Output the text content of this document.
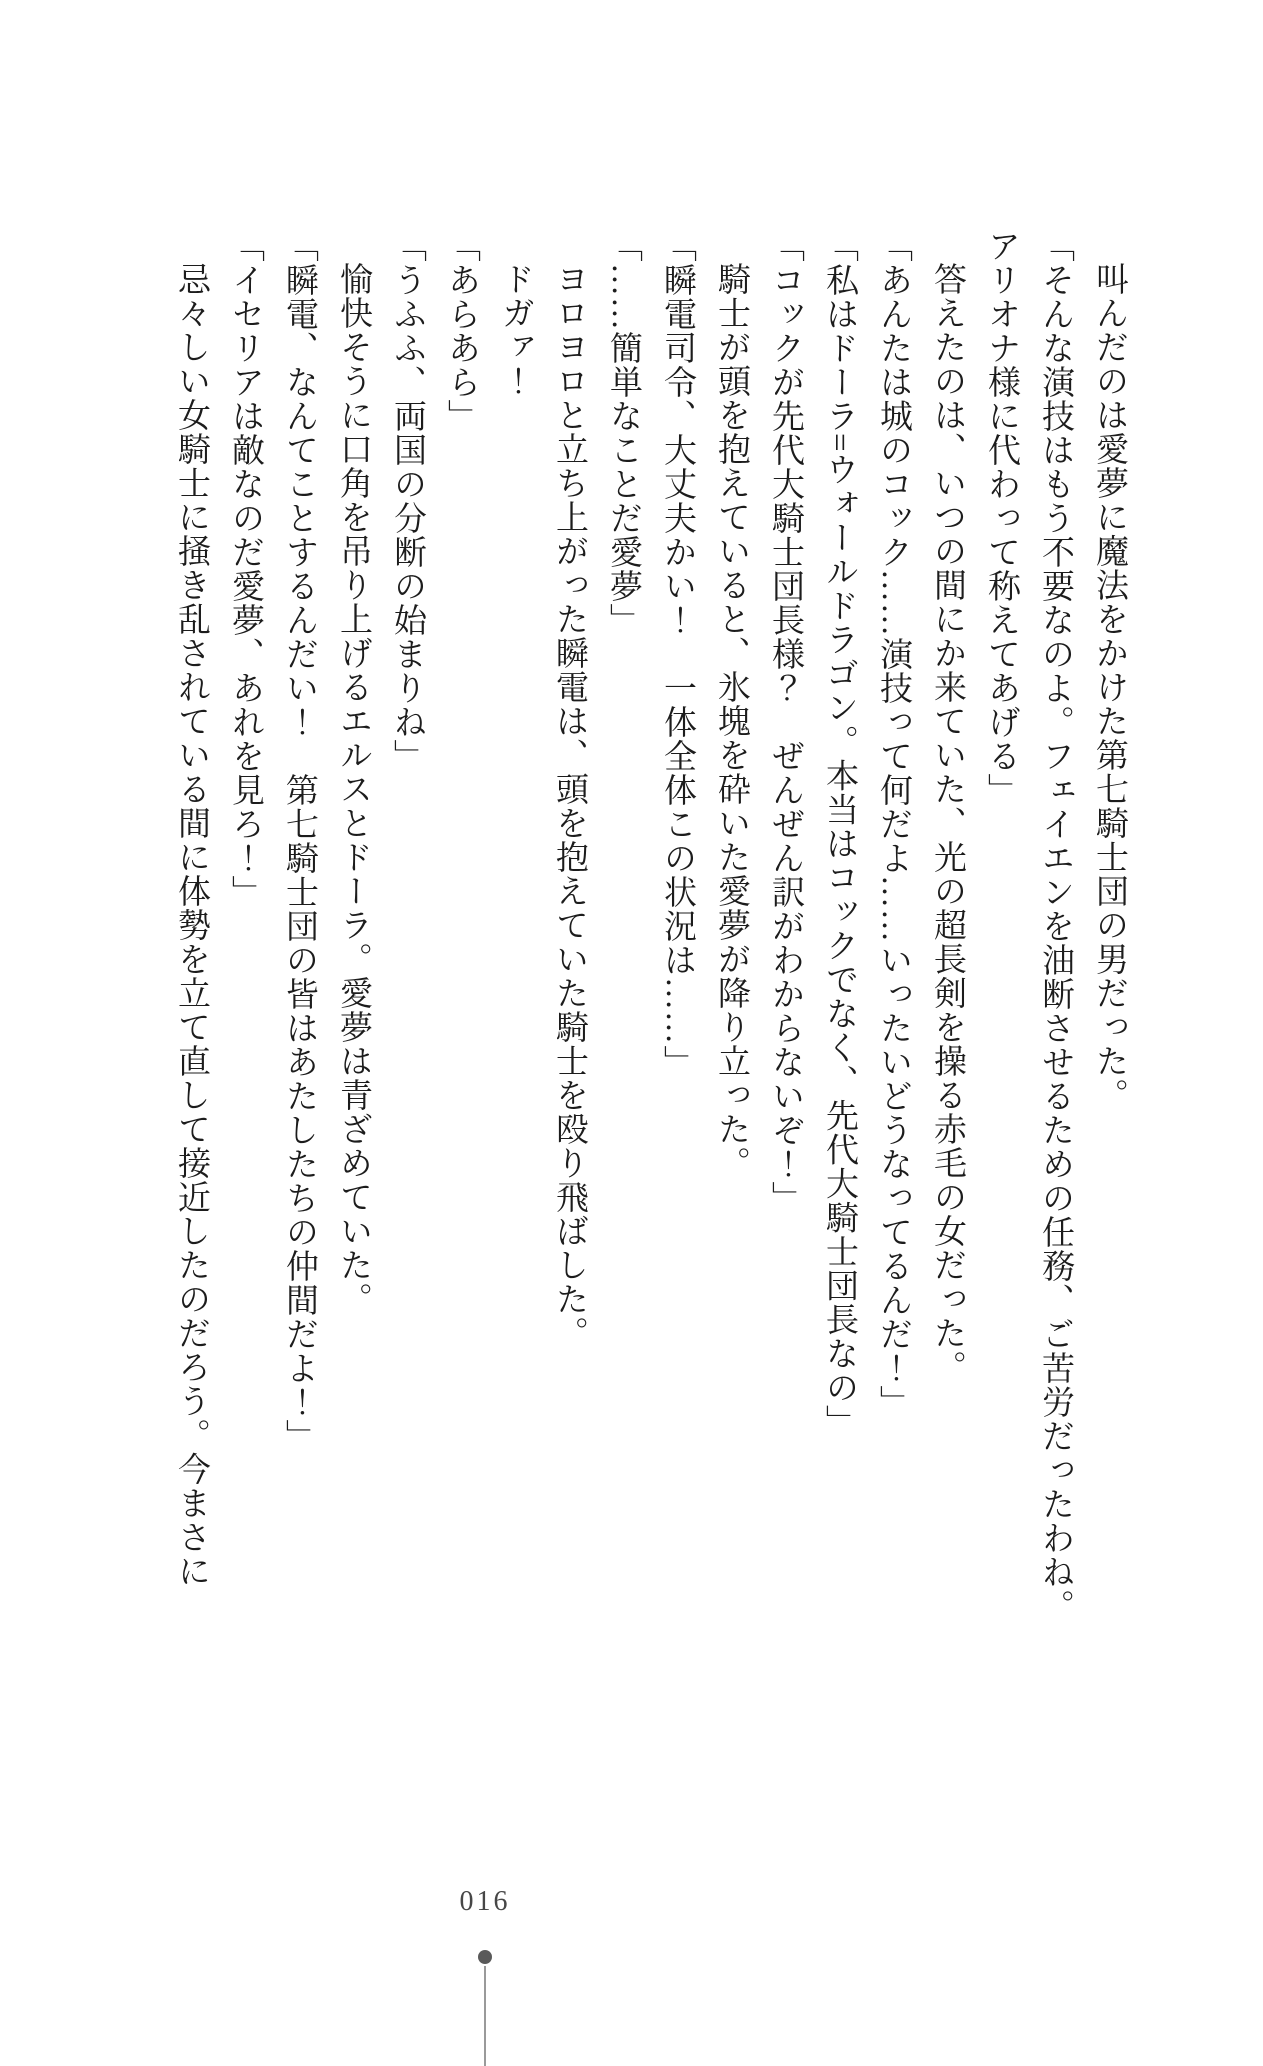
叫んだのは愛夢に魔法をかけた第七騎士団の男だった。

「そんな演技はもう不要なのよ。フェイエンを油断させるための任務、ご苦労だったわね。アリオナ様に代わって称えてあげる」

答えたのは、いつの間にか来ていた、光の超長剣を操る赤毛の女だった。

「あんたは城のコック……演技って何だよ……いったいどうなってるんだ！」

「私はドーラ=ウォールドラゴン。本当はコックでなく、先代大騎士団長なの」

「コックが先代大騎士団長様？　ぜんぜん訳がわからないぞ！」

騎士が頭を抱えていると、氷塊を砕いた愛夢が降り立った。

「瞬電司令、大丈夫かい！　一体全体この状況は……」

「……簡単なことだ愛夢」

ヨロヨロと立ち上がった瞬電は、頭を抱えていた騎士を殴り飛ばした。

ドガァ！

「あらあら」

「うふふ、両国の分断の始まりね」

愉快そうに口角を吊り上げるエルスとドーラ。愛夢は青ざめていた。

「瞬電、なんてことするんだい！　第七騎士団の皆はあたしたちの仲間だよ！」

「イセリアは敵なのだ愛夢、あれを見ろ！」

忌々しい女騎士に掻き乱されている間に体勢を立て直して接近したのだろう。今まさに

016
